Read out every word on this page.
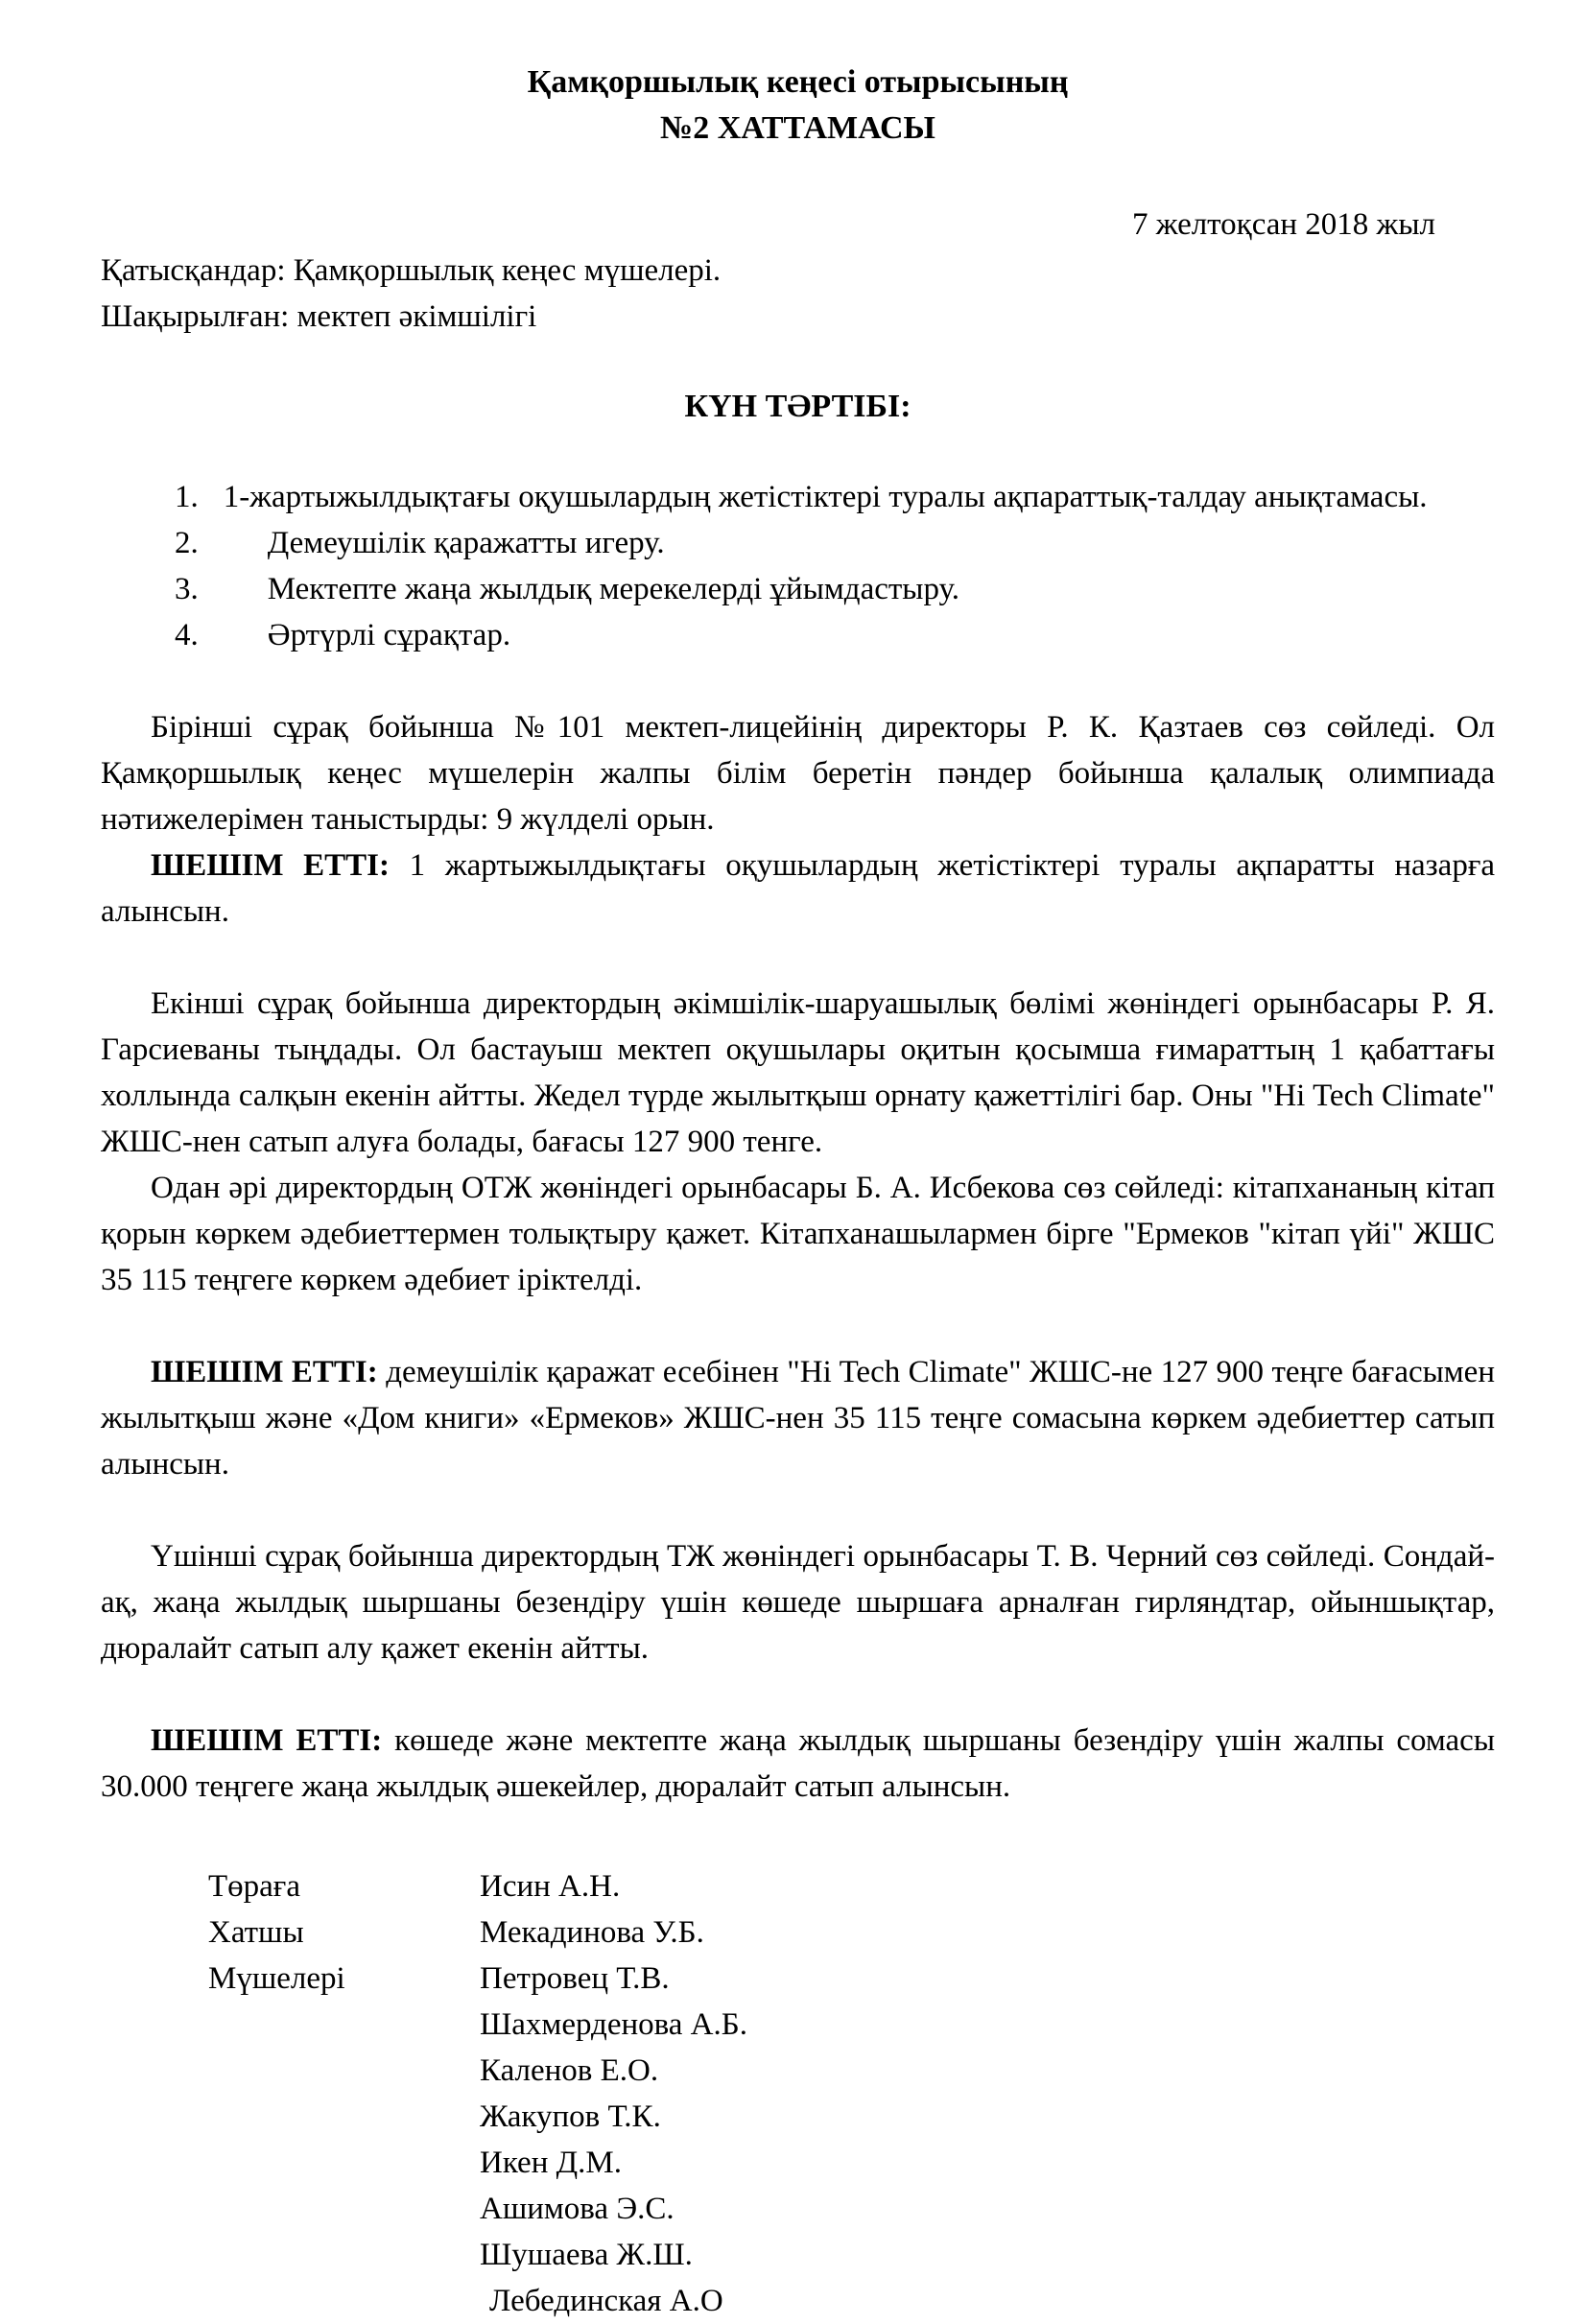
Қамқоршылық кеңесі отырысының
№2 ХАТТАМАСЫ
7 желтоқсан 2018 жыл
Қатысқандар: Қамқоршылық кеңес мүшелері.
Шақырылған: мектеп әкімшілігі
КҮН ТӘРТІБІ:

1. 1-жартыжылдықтағы оқушылардың жетістіктері туралы ақпараттық-талдау анықтамасы.

2. Демеушілік қаражатты игеру.

3. Мектепте жаңа жылдық мерекелерді ұйымдастыру.

4. Әртүрлі сұрақтар.

Бірінші сұрақ бойынша №101 мектеп-лицейінің директоры Р. К. Қазтаев сөз сөйледі. Ол Қамқоршылық кеңес мүшелерін жалпы білім беретін пәндер бойынша қалалық олимпиада нәтижелерімен таныстырды: 9 жүлделі орын.

ШЕШІМ ЕТТІ: 1 жартыжылдықтағы оқушылардың жетістіктері туралы ақпаратты назарға алынсын.

Екінші сұрақ бойынша директордың әкімшілік-шаруашылық бөлімі жөніндегі орынбасары Р. Я. Гарсиеваны тыңдады. Ол бастауыш мектеп оқушылары оқитын қосымша ғимараттың 1 қабаттағы холлында салқын екенін айтты. Жедел түрде жылытқыш орнату қажеттілігі бар. Оны "Hi Tech Climate" ЖШС-нен сатып алуға болады, бағасы 127 900 тенге.

Одан әрі директордың ОТЖ жөніндегі орынбасары Б. А. Исбекова сөз сөйледі: кітапхананың кітап қорын көркем әдебиеттермен толықтыру қажет. Кітапханашылармен бірге "Ермеков "кітап үйі" ЖШС 35 115 теңгеге көркем әдебиет іріктелді.

ШЕШІМ ЕТТІ: демеушілік қаражат есебінен "Hi Tech Climate" ЖШС-не 127 900 теңге бағасымен жылытқыш және «Дом книги» «Ермеков» ЖШС-нен 35 115 теңге сомасына көркем әдебиеттер сатып алынсын.

Үшінші сұрақ бойынша директордың ТЖ жөніндегі орынбасары Т. В. Черний сөз сөйледі. Сондай-ақ, жаңа жылдық шыршаны безендіру үшін көшеде шыршаға арналған гирляндтар, ойыншықтар, дюралайт сатып алу қажет екенін айтты.

ШЕШІМ ЕТТІ: көшеде және мектепте жаңа жылдық шыршаны безендіру үшін жалпы сомасы 30.000 теңгеге жаңа жылдық әшекейлер, дюралайт сатып алынсын.

Төраға	Исин А.Н.
Хатшы	Мекадинова У.Б.
Мүшелері	Петровец Т.В.
Шахмерденова А.Б.
Каленов Е.О.
Жакупов Т.К.
Икен Д.М.
Ашимова Э.С.
Шушаева Ж.Ш.
Лебединская А.О
